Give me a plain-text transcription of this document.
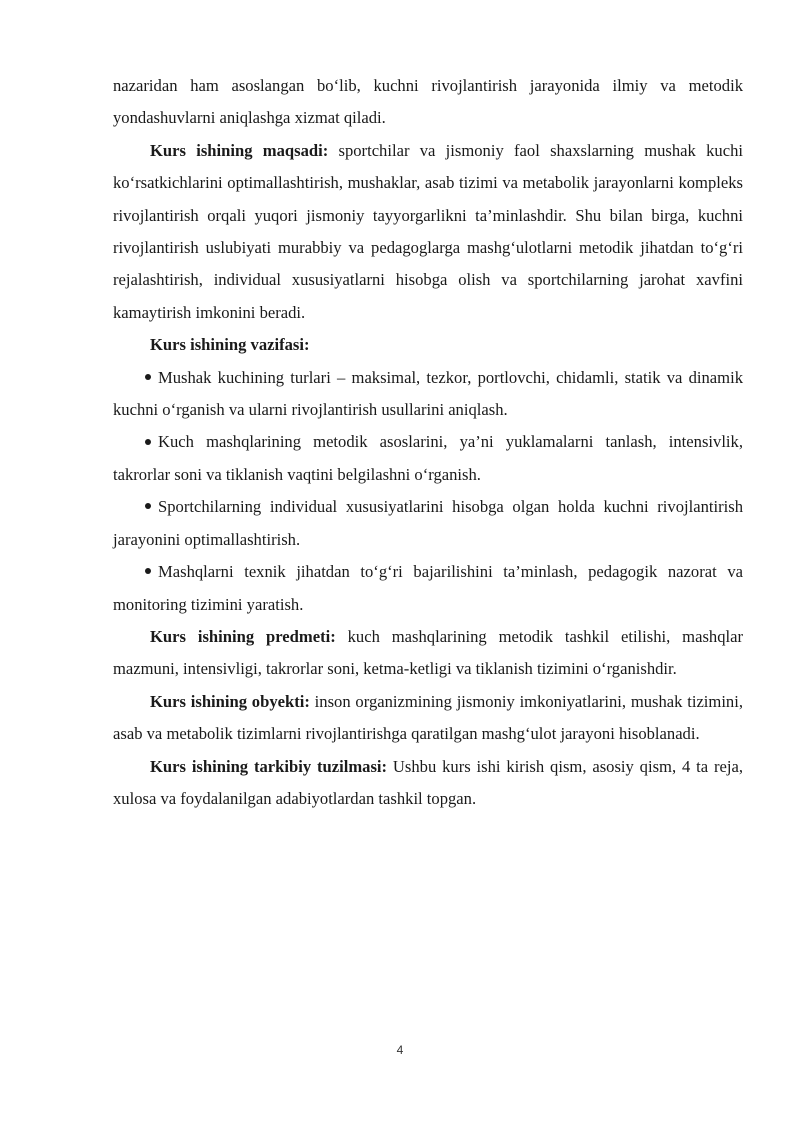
nazaridan ham asoslangan bo‘lib, kuchni rivojlantirish jarayonida ilmiy va metodik yondashuvlarni aniqlashga xizmat qiladi.

Kurs ishining maqsadi: sportchilar va jismoniy faol shaxslarning mushak kuchi ko‘rsatkichlarini optimallashtirish, mushaklar, asab tizimi va metabolik jarayonlarni kompleks rivojlantirish orqali yuqori jismoniy tayyorgarlikni ta’minlashdir. Shu bilan birga, kuchni rivojlantirish uslubiyati murabbiy va pedagoglarga mashg‘ulotlarni metodik jihatdan to‘g‘ri rejalashtirish, individual xususiyatlarni hisobga olish va sportchilarning jarohat xavfini kamaytirish imkonini beradi.

Kurs ishining vazifasi:

Mushak kuchining turlari – maksimal, tezkor, portlovchi, chidamli, statik va dinamik kuchni o‘rganish va ularni rivojlantirish usullarini aniqlash.

Kuch mashqlarining metodik asoslarini, ya’ni yuklamalarni tanlash, intensivlik, takrorlar soni va tiklanish vaqtini belgilashni o‘rganish.

Sportchilarning individual xususiyatlarini hisobga olgan holda kuchni rivojlantirish jarayonini optimallashtirish.

Mashqlarni texnik jihatdan to‘g‘ri bajarilishini ta’minlash, pedagogik nazorat va monitoring tizimini yaratish.

Kurs ishining predmeti: kuch mashqlarining metodik tashkil etilishi, mashqlar mazmuni, intensivligi, takrorlar soni, ketma-ketligi va tiklanish tizimini o‘rganishdir.

Kurs ishining obyekti: inson organizmining jismoniy imkoniyatlarini, mushak tizimini, asab va metabolik tizimlarni rivojlantirishga qaratilgan mashg‘ulot jarayoni hisoblanadi.

Kurs ishining tarkibiy tuzilmasi: Ushbu kurs ishi kirish qism, asosiy qism, 4 ta reja, xulosa va foydalanilgan adabiyotlardan tashkil topgan.

4
